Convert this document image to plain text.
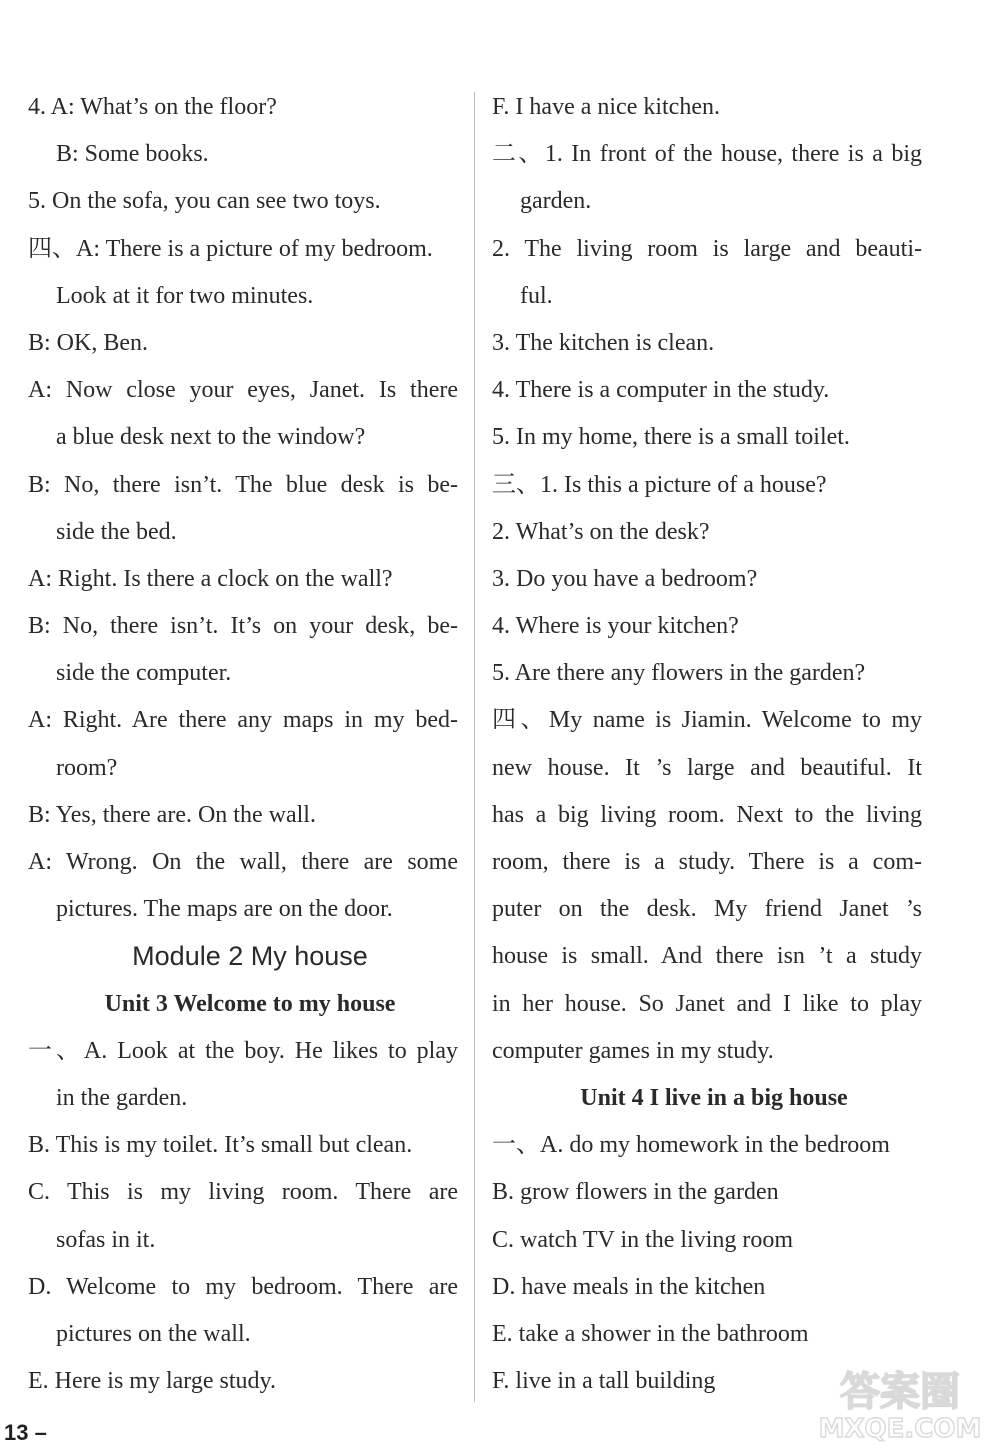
4. A: What’s on the floor?
B: Some books.
5. On the sofa, you can see two toys.
四、A: There is a picture of my bedroom.
Look at it for two minutes.
B: OK, Ben.
A: Now close your eyes, Janet. Is there
a blue desk next to the window?
B: No, there isn’t. The blue desk is be-
side the bed.
A: Right. Is there a clock on the wall?
B: No, there isn’t. It’s on your desk, be-
side the computer.
A: Right. Are there any maps in my bed-
room?
B: Yes, there are. On the wall.
A: Wrong. On the wall, there are some
pictures. The maps are on the door.
Module 2 My house
Unit 3 Welcome to my house
一、A. Look at the boy. He likes to play
in the garden.
B. This is my toilet. It’s small but clean.
C. This is my living room. There are
sofas in it.
D. Welcome to my bedroom. There are
pictures on the wall.
E. Here is my large study.
F. I have a nice kitchen.
二、1. In front of the house, there is a big
garden.
2. The living room is large and beauti-
ful.
3. The kitchen is clean.
4. There is a computer in the study.
5. In my home, there is a small toilet.
三、1. Is this a picture of a house?
2. What’s on the desk?
3. Do you have a bedroom?
4. Where is your kitchen?
5. Are there any flowers in the garden?
四、My name is Jiamin. Welcome to my
new house. It ’s large and beautiful. It
has a big living room. Next to the living
room, there is a study. There is a com-
puter on the desk. My friend Janet ’s
house is small. And there isn ’t a study
in her house. So Janet and I like to play
computer games in my study.
Unit 4 I live in a big house
一、A. do my homework in the bedroom
B. grow flowers in the garden
C. watch TV in the living room
D. have meals in the kitchen
E. take a shower in the bathroom
F. live in a tall building
13 –
答案圈
MXQE.COM
